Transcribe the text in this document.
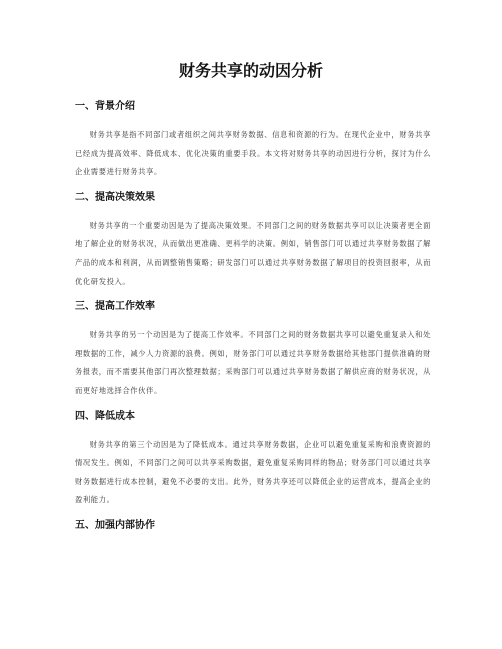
财务共享的动因分析
一、背景介绍

财务共享是指不同部门或者组织之间共享财务数据、信息和资源的行为。在现代企业中，财务共享已经成为提高效率、降低成本、优化决策的重要手段。本文将对财务共享的动因进行分析，探讨为什么企业需要进行财务共享。

二、提高决策效果

财务共享的一个重要动因是为了提高决策效果。不同部门之间的财务数据共享可以让决策者更全面地了解企业的财务状况，从而做出更准确、更科学的决策。例如，销售部门可以通过共享财务数据了解产品的成本和利润，从而调整销售策略；研发部门可以通过共享财务数据了解项目的投资回报率，从而优化研发投入。

三、提高工作效率

财务共享的另一个动因是为了提高工作效率。不同部门之间的财务数据共享可以避免重复录入和处理数据的工作，减少人力资源的浪费。例如，财务部门可以通过共享财务数据给其他部门提供准确的财务报表，而不需要其他部门再次整理数据；采购部门可以通过共享财务数据了解供应商的财务状况，从而更好地选择合作伙伴。

四、降低成本

财务共享的第三个动因是为了降低成本。通过共享财务数据，企业可以避免重复采购和浪费资源的情况发生。例如，不同部门之间可以共享采购数据，避免重复采购同样的物品；财务部门可以通过共享财务数据进行成本控制，避免不必要的支出。此外，财务共享还可以降低企业的运营成本，提高企业的盈利能力。

五、加强内部协作
